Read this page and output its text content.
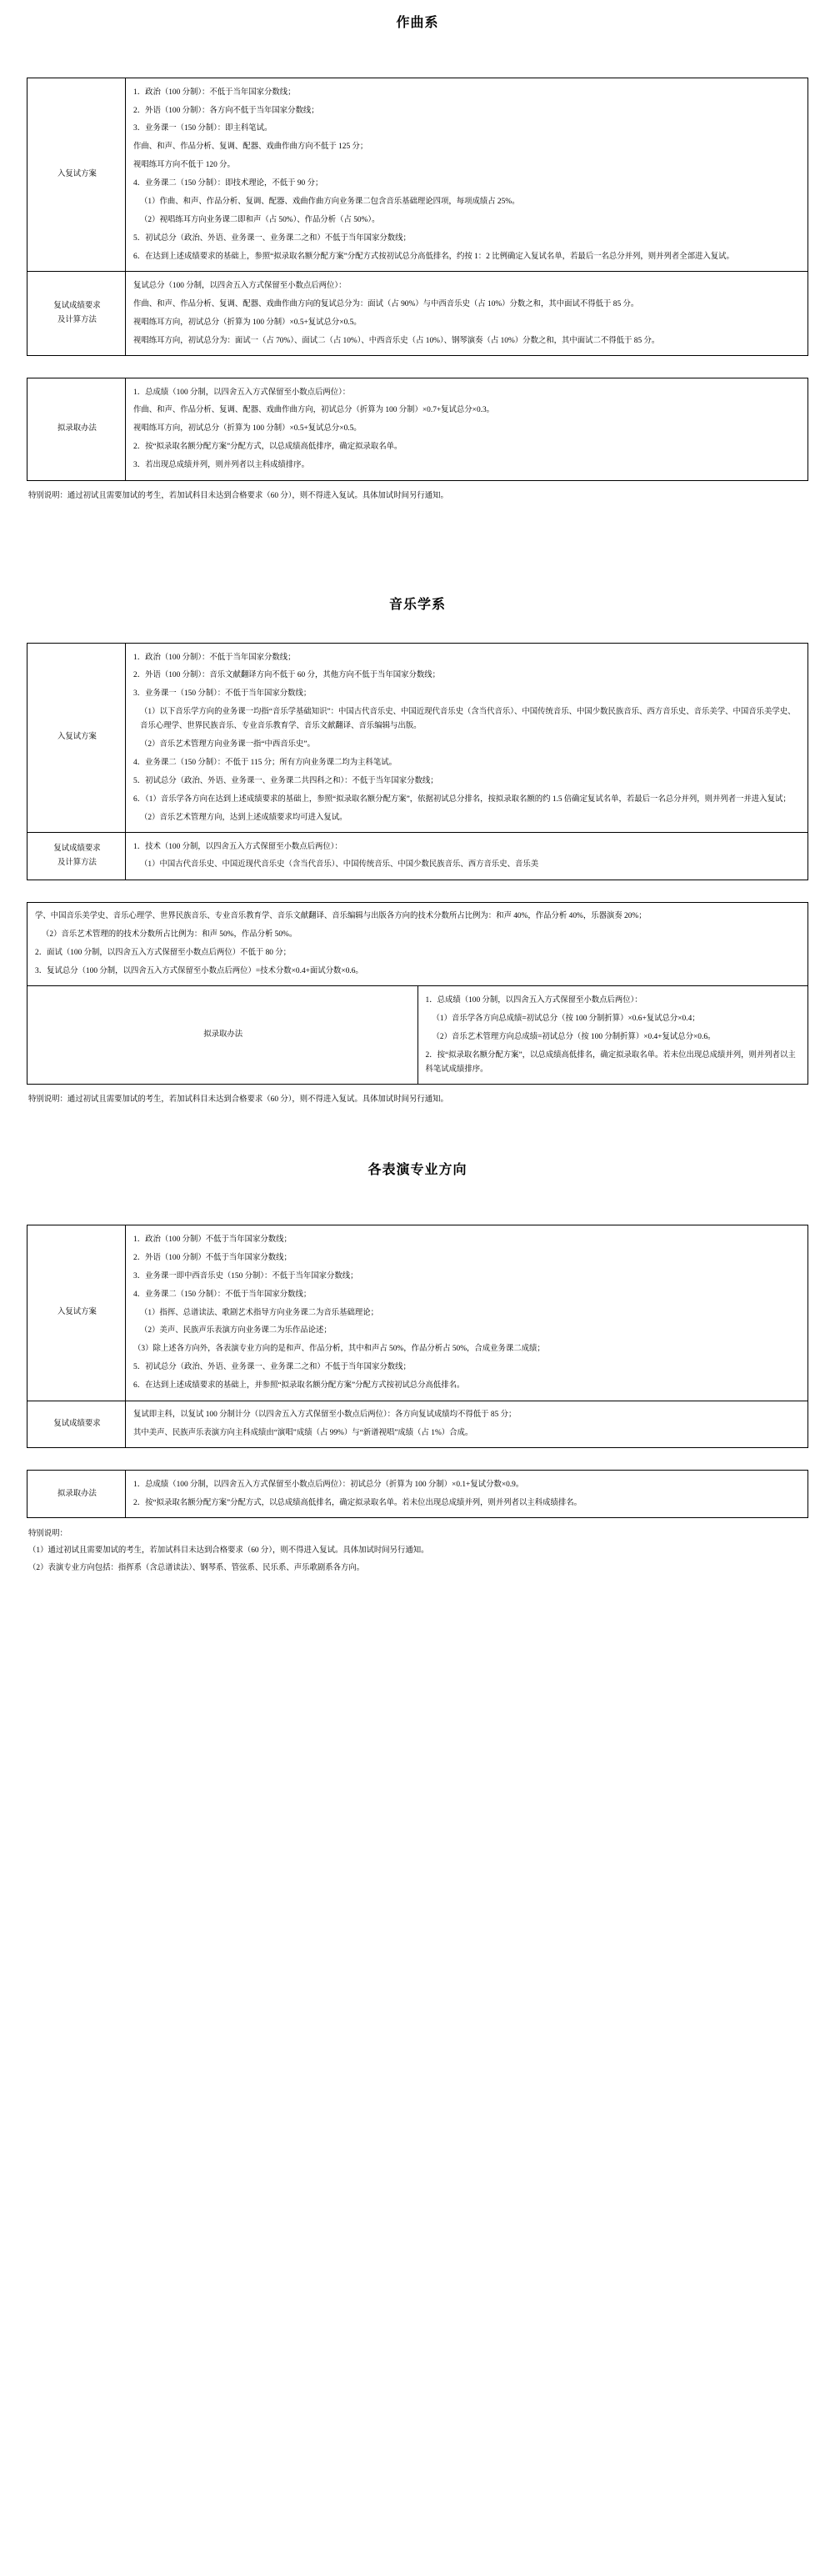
作曲系
入复试方案	

1．政治（100 分制）：不低于当年国家分数线；

2．外语（100 分制）：各方向不低于当年国家分数线；

3．业务课一（150 分制）：即主科笔试。

作曲、和声、作品分析、复调、配器、戏曲作曲方向不低于 125 分；

视唱练耳方向不低于 120 分。

4．业务课二（150 分制）：即技术理论，不低于 90 分；

（1）作曲、和声、作品分析、复调、配器、戏曲作曲方向业务课二包含音乐基础理论四项，每项成绩占 25%。

（2）视唱练耳方向业务课二即和声（占 50%）、作品分析（占 50%）。

5．初试总分（政治、外语、业务课一、业务课二之和）不低于当年国家分数线；

6．在达到上述成绩要求的基础上，参照“拟录取名额分配方案”分配方式按初试总分高低排名，约按 1：2 比例确定入复试名单，若最后一名总分并列，则并列者全部进入复试。

复试成绩要求
及计算方法

复试总分（100 分制，以四舍五入方式保留至小数点后两位）：

作曲、和声、作品分析、复调、配器、戏曲作曲方向的复试总分为：面试（占 90%）与中西音乐史（占 10%）分数之和，其中面试不得低于 85 分。

视唱练耳方向，初试总分（折算为 100 分制）×0.5+复试总分×0.5。

视唱练耳方向，初试总分为：面试一（占 70%）、面试二（占 10%）、中西音乐史（占 10%）、钢琴演奏（占 10%）分数之和，其中面试二不得低于 85 分。

拟录取办法	

1．总成绩（100 分制，以四舍五入方式保留至小数点后两位）：

作曲、和声、作品分析、复调、配器、戏曲作曲方向，初试总分（折算为 100 分制）×0.7+复试总分×0.3。

视唱练耳方向，初试总分（折算为 100 分制）×0.5+复试总分×0.5。

2．按“拟录取名额分配方案”分配方式，以总成绩高低排序，确定拟录取名单。

3．若出现总成绩并列，则并列者以主科成绩排序。

特别说明：通过初试且需要加试的考生，若加试科目未达到合格要求（60 分），则不得进入复试。具体加试时间另行通知。

音乐学系
入复试方案	

1．政治（100 分制）：不低于当年国家分数线；

2．外语（100 分制）：音乐文献翻译方向不低于 60 分，其他方向不低于当年国家分数线；

3．业务课一（150 分制）：不低于当年国家分数线；

（1）以下音乐学方向的业务课一均指“音乐学基础知识”：中国古代音乐史、中国近现代音乐史（含当代音乐）、中国传统音乐、中国少数民族音乐、西方音乐史、音乐美学、中国音乐美学史、音乐心理学、世界民族音乐、专业音乐教育学、音乐文献翻译、音乐编辑与出版。

（2）音乐艺术管理方向业务课一指“中西音乐史”。

4．业务课二（150 分制）：不低于 115 分；所有方向业务课二均为主科笔试。

5．初试总分（政治、外语、业务课一、业务课二共四科之和）：不低于当年国家分数线；

6．（1）音乐学各方向在达到上述成绩要求的基础上，参照“拟录取名额分配方案”，依据初试总分排名，按拟录取名额的约 1.5 倍确定复试名单，若最后一名总分并列，则并列者一并进入复试；

（2）音乐艺术管理方向，达到上述成绩要求均可进入复试。

复试成绩要求
及计算方法

1．技术（100 分制，以四舍五入方式保留至小数点后两位）：

（1）中国古代音乐史、中国近现代音乐史（含当代音乐）、中国传统音乐、中国少数民族音乐、西方音乐史、音乐美

学、中国音乐美学史、音乐心理学、世界民族音乐、专业音乐教育学、音乐文献翻译、音乐编辑与出版各方向的技术分数所占比例为：和声 40%，作品分析 40%，乐器演奏 20%；

（2）音乐艺术管理的的技术分数所占比例为：和声 50%，作品分析 50%。

2．面试（100 分制，以四舍五入方式保留至小数点后两位）不低于 80 分；

3．复试总分（100 分制，以四舍五入方式保留至小数点后两位）=技术分数×0.4+面试分数×0.6。

拟录取办法	

1．总成绩（100 分制，以四舍五入方式保留至小数点后两位）：

（1）音乐学各方向总成绩=初试总分（按 100 分制折算）×0.6+复试总分×0.4；

（2）音乐艺术管理方向总成绩=初试总分（按 100 分制折算）×0.4+复试总分×0.6。

2．按“拟录取名额分配方案”，以总成绩高低排名，确定拟录取名单。若未位出现总成绩并列，则并列者以主科笔试成绩排序。

特别说明：通过初试且需要加试的考生，若加试科目未达到合格要求（60 分），则不得进入复试。具体加试时间另行通知。

各表演专业方向
入复试方案	

1．政治（100 分制）不低于当年国家分数线；

2．外语（100 分制）不低于当年国家分数线；

3．业务课一即中西音乐史（150 分制）：不低于当年国家分数线；

4．业务课二（150 分制）：不低于当年国家分数线；

（1）指挥、总谱读法、歌剧艺术指导方向业务课二为音乐基础理论；

（2）美声、民族声乐表演方向业务课二为乐作品论述；

（3）除上述各方向外，各表演专业方向的是和声、作品分析，其中和声占 50%，作品分析占 50%，合成业务课二成绩；

5．初试总分（政治、外语、业务课一、业务课二之和）不低于当年国家分数线；

6．在达到上述成绩要求的基础上，并参照“拟录取名额分配方案”分配方式按初试总分高低排名。

复试成绩要求	复试即主科，以复试 100 分制计分（以四舍五入方式保留至小数点后两位）：各方向复试成绩均不得低于 85 分；

其中美声、民族声乐表演方向主科成绩由“演唱”成绩（占 99%）与“新谱视唱”成绩（占 1%）合成。

拟录取办法	

1．总成绩（100 分制，以四舍五入方式保留至小数点后两位）：初试总分（折算为 100 分制）×0.1+复试分数×0.9。

2．按“拟录取名额分配方案”分配方式，以总成绩高低排名，确定拟录取名单。若未位出现总成绩并列，则并列者以主科成绩排名。

特别说明：

（1）通过初试且需要加试的考生，若加试科目未达到合格要求（60 分），则不得进入复试。具体加试时间另行通知。

（2）表演专业方向包括：指挥系（含总谱读法）、钢琴系、管弦系、民乐系、声乐歌剧系各方向。
